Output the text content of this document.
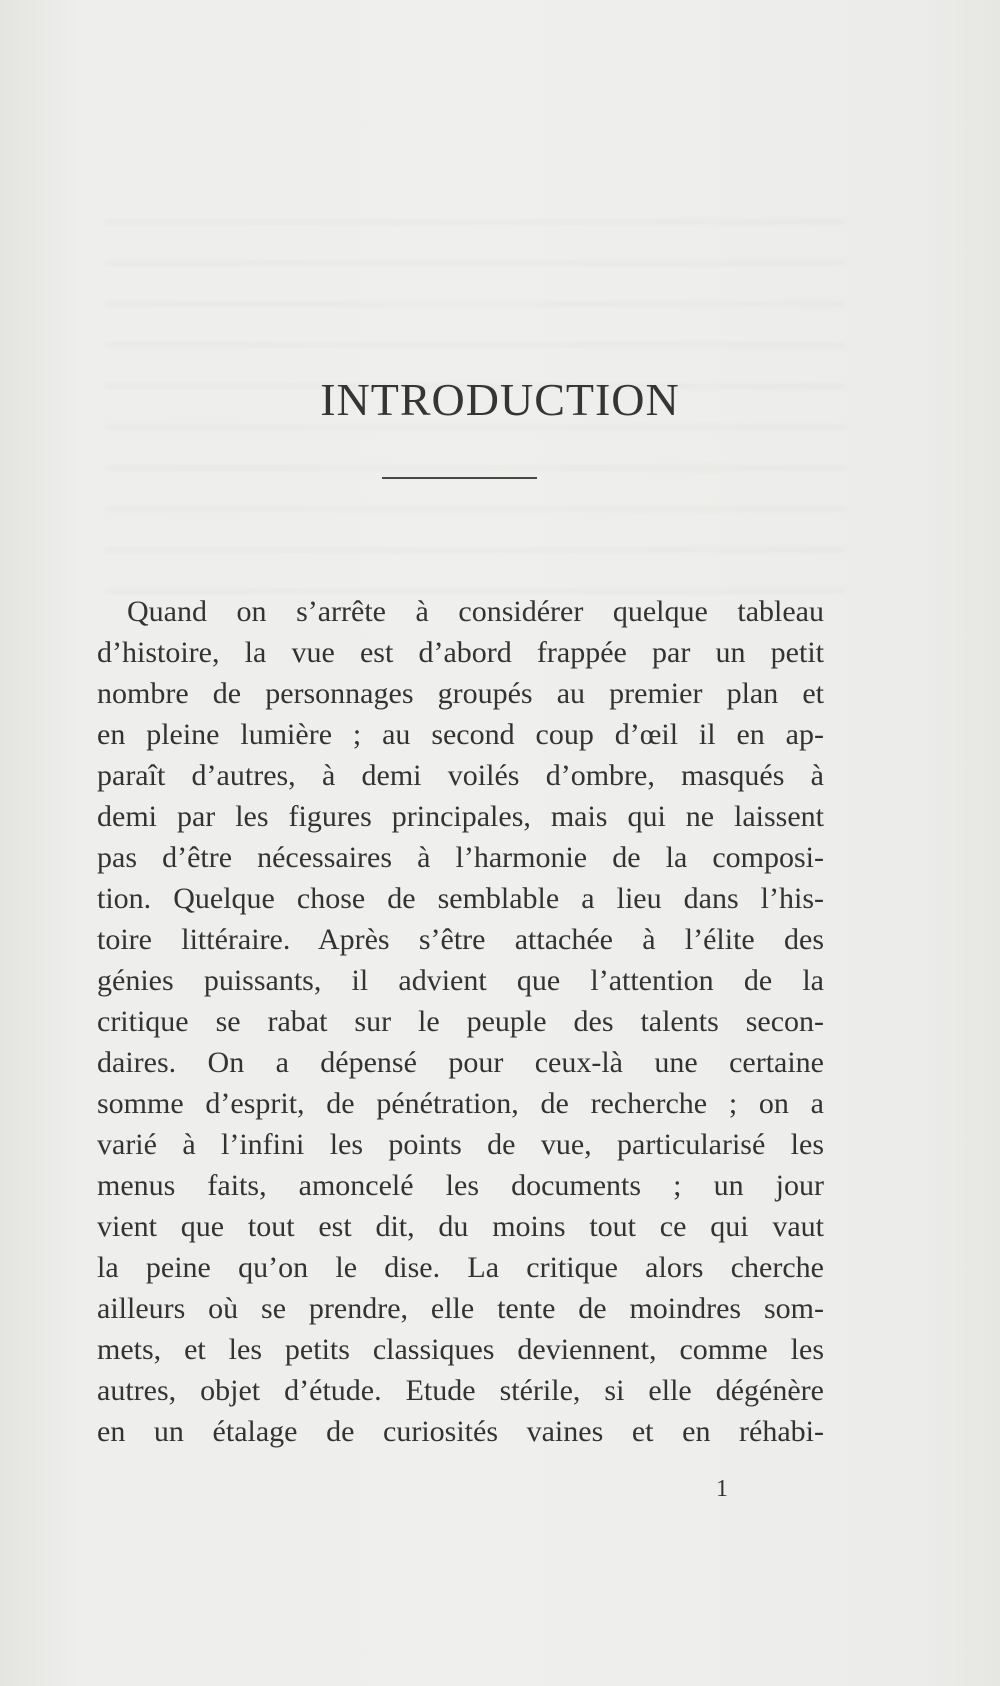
INTRODUCTION
Quand on s’arrête à considérer quelque tableau
d’histoire, la vue est d’abord frappée par un petit
nombre de personnages groupés au premier plan et
en pleine lumière ; au second coup d’œil il en ap-
paraît d’autres, à demi voilés d’ombre, masqués à
demi par les figures principales, mais qui ne laissent
pas d’être nécessaires à l’harmonie de la composi-
tion. Quelque chose de semblable a lieu dans l’his-
toire littéraire. Après s’être attachée à l’élite des
génies puissants, il advient que l’attention de la
critique se rabat sur le peuple des talents secon-
daires. On a dépensé pour ceux-là une certaine
somme d’esprit, de pénétration, de recherche ; on a
varié à l’infini les points de vue, particularisé les
menus faits, amoncelé les documents ; un jour
vient que tout est dit, du moins tout ce qui vaut
la peine qu’on le dise. La critique alors cherche
ailleurs où se prendre, elle tente de moindres som-
mets, et les petits classiques deviennent, comme les
autres, objet d’étude. Etude stérile, si elle dégénère
en un étalage de curiosités vaines et en réhabi-
1
